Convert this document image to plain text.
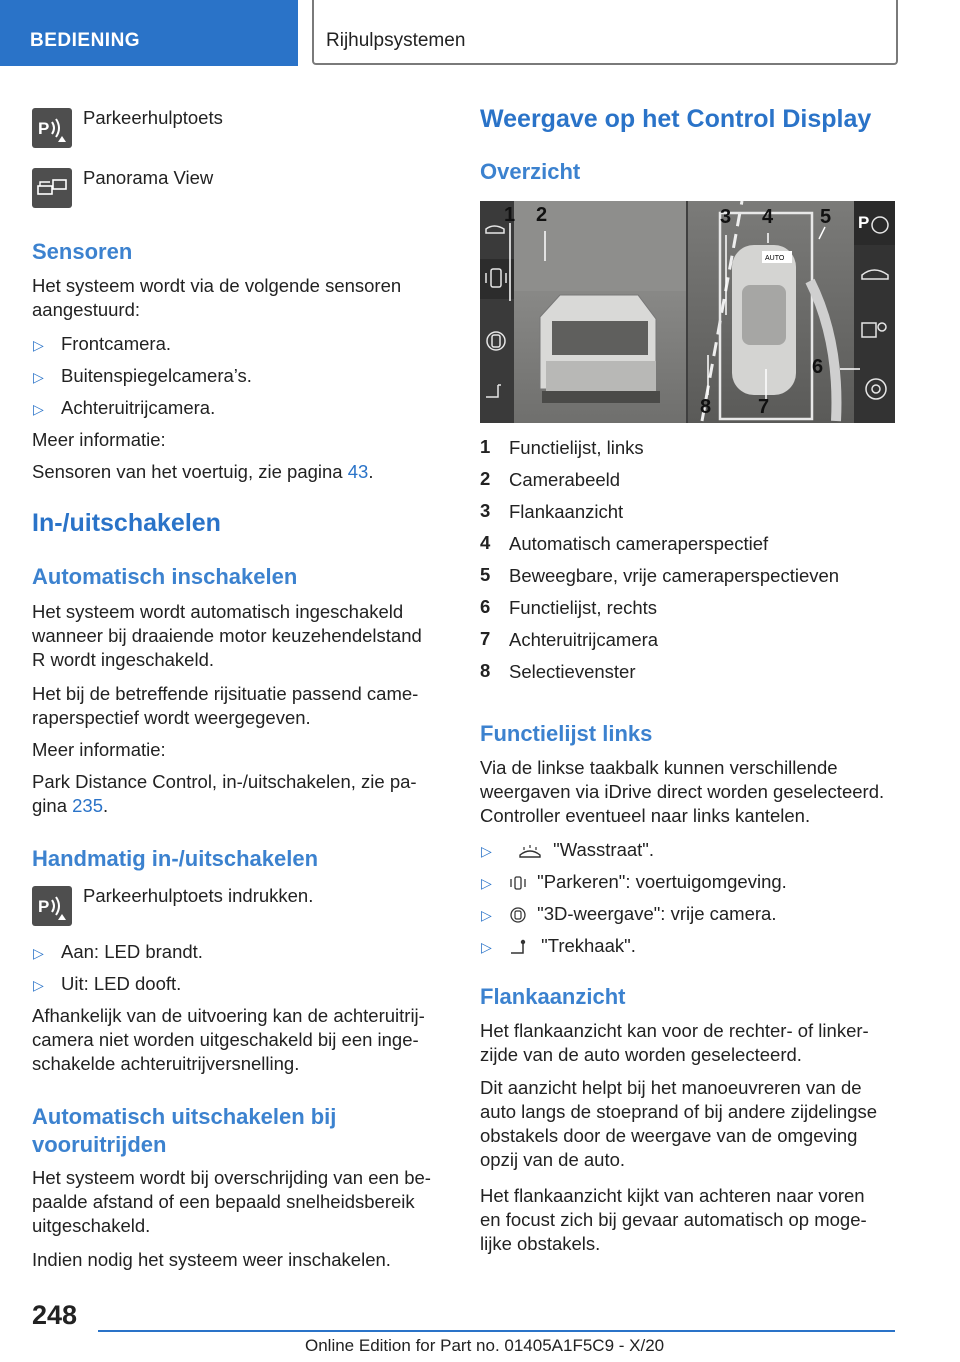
BEDIENING	Rijhulpsystemen
P
Parkeerhulptoets
Panorama View
Sensoren
Het systeem wordt via de volgende sensoren
aangestuurd:
▷ Frontcamera.
▷ Buitenspiegelcamera’s.
▷ Achteruitrijcamera.
Meer informatie:
Sensoren van het voertuig, zie pagina 43.
In-/uitschakelen
Automatisch inschakelen
Het systeem wordt automatisch ingeschakeld
wanneer bij draaiende motor keuzehendelstand
R wordt ingeschakeld.
Het bij de betreffende rijsituatie passend came‐
raperspectief wordt weergegeven.
Meer informatie:
Park Distance Control, in-/uitschakelen, zie pa‐
gina 235.
Handmatig in-/uitschakelen
P
Parkeerhulptoets indrukken.
▷ Aan: LED brandt.
▷ Uit: LED dooft.
Afhankelijk van de uitvoering kan de achteruitrij‐
camera niet worden uitgeschakeld bij een inge‐
schakelde achteruitrijversnelling.
Automatisch uitschakelen bij
vooruitrijden
Het systeem wordt bij overschrijding van een be‐
paalde afstand of een bepaald snelheidsbereik
uitgeschakeld.
Indien nodig het systeem weer inschakelen.
Weergave op het Control Display
Overzicht
AUTO
P
1 2	3 4 5
6
7
8
1 Functielijst, links
2 Camerabeeld
3 Flankaanzicht
4 Automatisch cameraperspectief
5 Beweegbare, vrije cameraperspectieven
6 Functielijst, rechts
7 Achteruitrijcamera
8 Selectievenster
Functielijst links
Via de linkse taakbalk kunnen verschillende
weergaven via iDrive direct worden geselecteerd.
Controller eventueel naar links kantelen.
▷	"Wasstraat".
▷	"Parkeren": voertuigomgeving.
▷	"3D-weergave": vrije camera.
▷	"Trekhaak".
Flankaanzicht
Het flankaanzicht kan voor de rechter- of linker‐
zijde van de auto worden geselecteerd.
Dit aanzicht helpt bij het manoeuvreren van de
auto langs de stoeprand of bij andere zijdelingse
obstakels door de weergave van de omgeving
opzij van de auto.
Het flankaanzicht kijkt van achteren naar voren
en focust zich bij gevaar automatisch op moge‐
lijke obstakels.
248
Online Edition for Part no. 01405A1F5C9 - X/20
